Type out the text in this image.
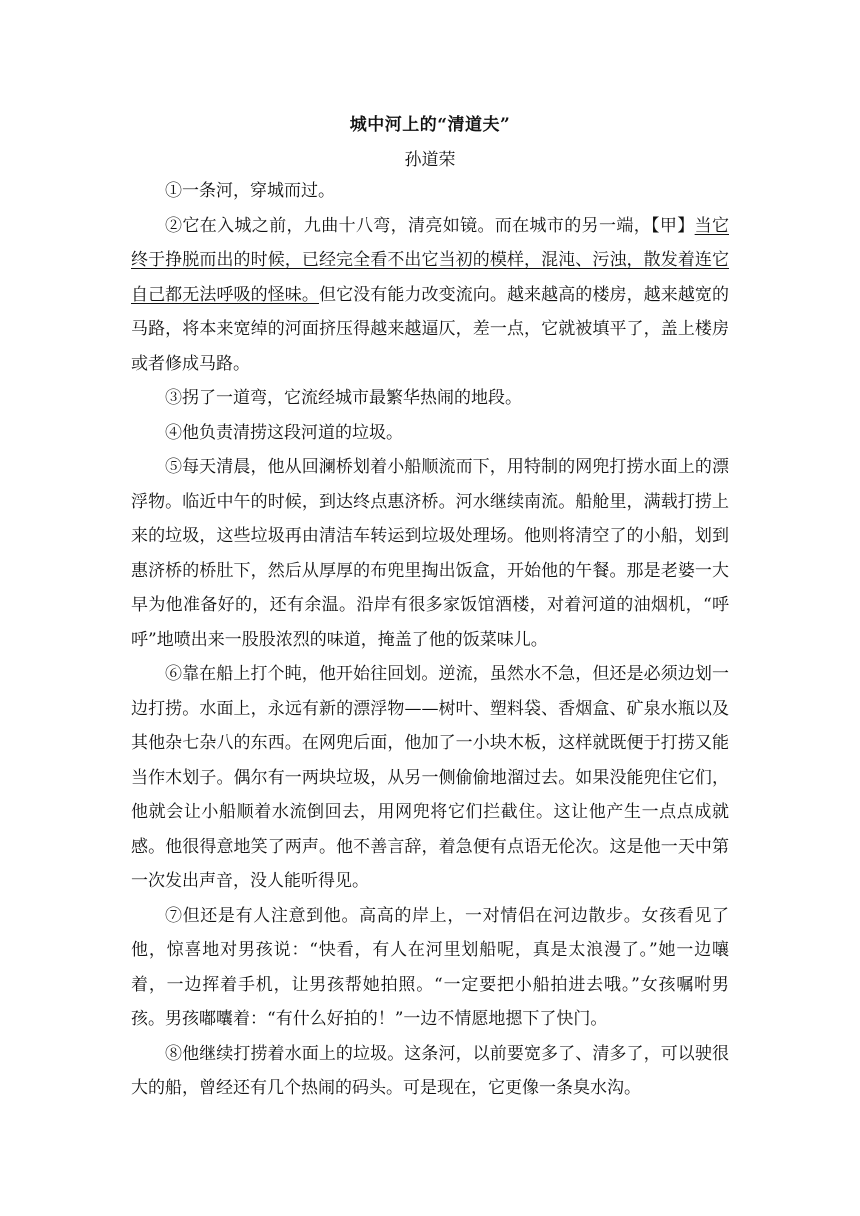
城中河上的“清道夫”
孙道荣

①一条河，穿城而过。

②它在入城之前，九曲十八弯，清亮如镜。而在城市的另一端，【甲】当它终于挣脱而出的时候，已经完全看不出它当初的模样，混沌、污浊，散发着连它自己都无法呼吸的怪味。但它没有能力改变流向。越来越高的楼房，越来越宽的马路，将本来宽绰的河面挤压得越来越逼仄，差一点，它就被填平了，盖上楼房或者修成马路。

③拐了一道弯，它流经城市最繁华热闹的地段。

④他负责清捞这段河道的垃圾。

⑤每天清晨，他从回澜桥划着小船顺流而下，用特制的网兜打捞水面上的漂浮物。临近中午的时候，到达终点惠济桥。河水继续南流。船舱里，满载打捞上来的垃圾，这些垃圾再由清洁车转运到垃圾处理场。他则将清空了的小船，划到惠济桥的桥肚下，然后从厚厚的布兜里掏出饭盒，开始他的午餐。那是老婆一大早为他准备好的，还有余温。沿岸有很多家饭馆酒楼，对着河道的油烟机，“呼呼”地喷出来一股股浓烈的味道，掩盖了他的饭菜味儿。

⑥靠在船上打个盹，他开始往回划。逆流，虽然水不急，但还是必须边划一边打捞。水面上，永远有新的漂浮物——树叶、塑料袋、香烟盒、矿泉水瓶以及其他杂七杂八的东西。在网兜后面，他加了一小块木板，这样就既便于打捞又能当作木划子。偶尔有一两块垃圾，从另一侧偷偷地溜过去。如果没能兜住它们，他就会让小船顺着水流倒回去，用网兜将它们拦截住。这让他产生一点点成就感。他很得意地笑了两声。他不善言辞，着急便有点语无伦次。这是他一天中第一次发出声音，没人能听得见。

⑦但还是有人注意到他。高高的岸上，一对情侣在河边散步。女孩看见了他，惊喜地对男孩说：“快看，有人在河里划船呢，真是太浪漫了。”她一边嚷着，一边挥着手机，让男孩帮她拍照。“一定要把小船拍进去哦。”女孩嘱咐男孩。男孩嘟囔着：“有什么好拍的！”一边不情愿地摁下了快门。

⑧他继续打捞着水面上的垃圾。这条河，以前要宽多了、清多了，可以驶很大的船，曾经还有几个热闹的码头。可是现在，它更像一条臭水沟。
